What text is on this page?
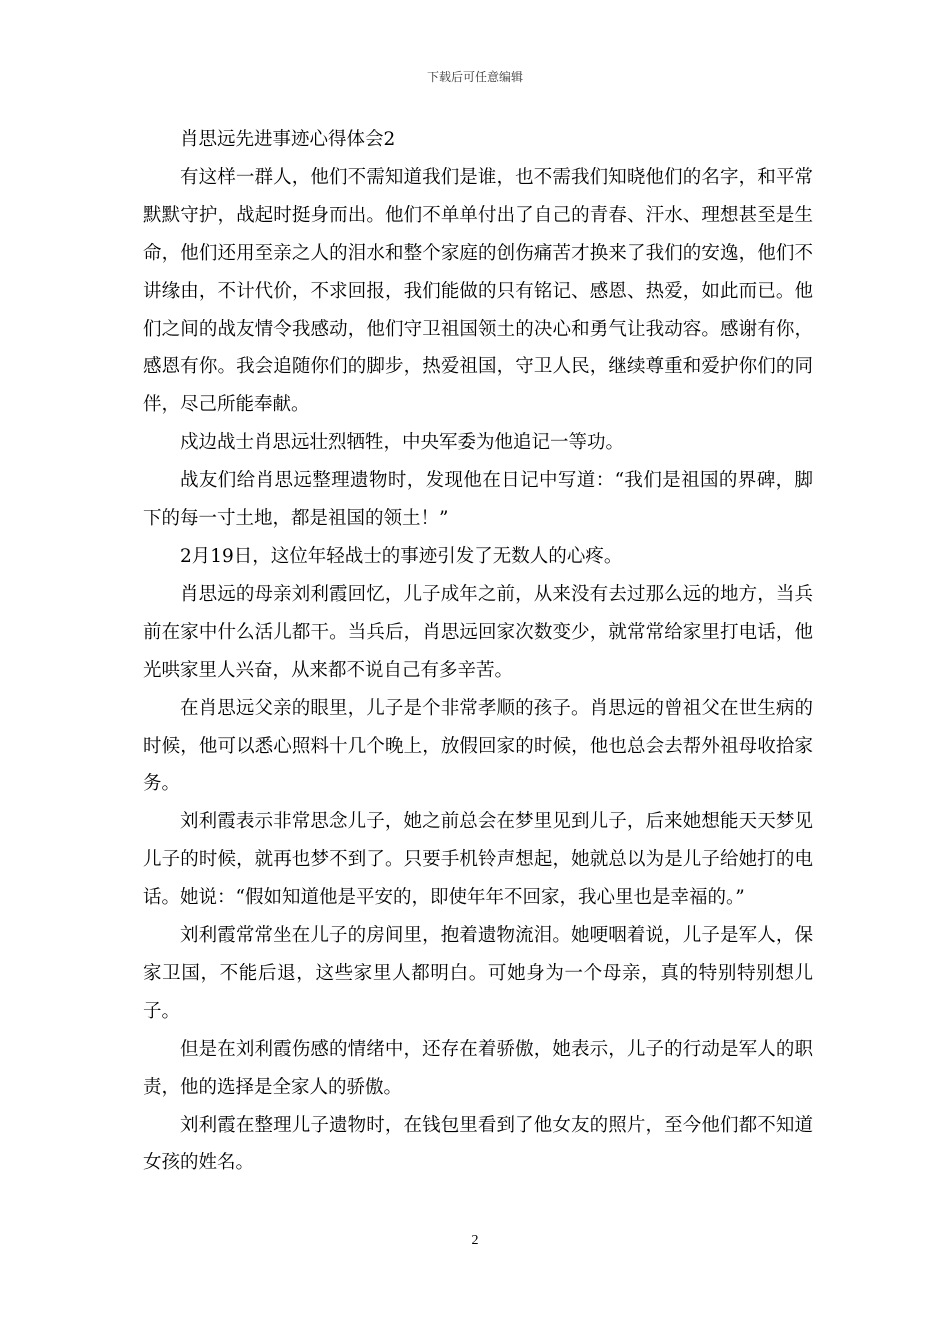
下载后可任意编辑

肖思远先进事迹心得体会2

有这样一群人，他们不需知道我们是谁，也不需我们知晓他们的名字，和平常默默守护，战起时挺身而出。他们不单单付出了自己的青春、汗水、理想甚至是生命，他们还用至亲之人的泪水和整个家庭的创伤痛苦才换来了我们的安逸，他们不讲缘由，不计代价，不求回报，我们能做的只有铭记、感恩、热爱，如此而已。他们之间的战友情令我感动，他们守卫祖国领土的决心和勇气让我动容。感谢有你，感恩有你。我会追随你们的脚步，热爱祖国，守卫人民，继续尊重和爱护你们的同伴，尽己所能奉献。

戍边战士肖思远壮烈牺牲，中央军委为他追记一等功。

战友们给肖思远整理遗物时，发现他在日记中写道：“我们是祖国的界碑，脚下的每一寸土地，都是祖国的领土！”

2月19日，这位年轻战士的事迹引发了无数人的心疼。

肖思远的母亲刘利霞回忆，儿子成年之前，从来没有去过那么远的地方，当兵前在家中什么活儿都干。当兵后，肖思远回家次数变少，就常常给家里打电话，他光哄家里人兴奋，从来都不说自己有多辛苦。

在肖思远父亲的眼里，儿子是个非常孝顺的孩子。肖思远的曾祖父在世生病的时候，他可以悉心照料十几个晚上，放假回家的时候，他也总会去帮外祖母收拾家务。

刘利霞表示非常思念儿子，她之前总会在梦里见到儿子，后来她想能天天梦见儿子的时候，就再也梦不到了。只要手机铃声想起，她就总以为是儿子给她打的电话。她说：“假如知道他是平安的，即使年年不回家，我心里也是幸福的。”

刘利霞常常坐在儿子的房间里，抱着遗物流泪。她哽咽着说，儿子是军人，保家卫国，不能后退，这些家里人都明白。可她身为一个母亲，真的特别特别想儿子。

但是在刘利霞伤感的情绪中，还存在着骄傲，她表示，儿子的行动是军人的职责，他的选择是全家人的骄傲。

刘利霞在整理儿子遗物时，在钱包里看到了他女友的照片，至今他们都不知道女孩的姓名。

2
